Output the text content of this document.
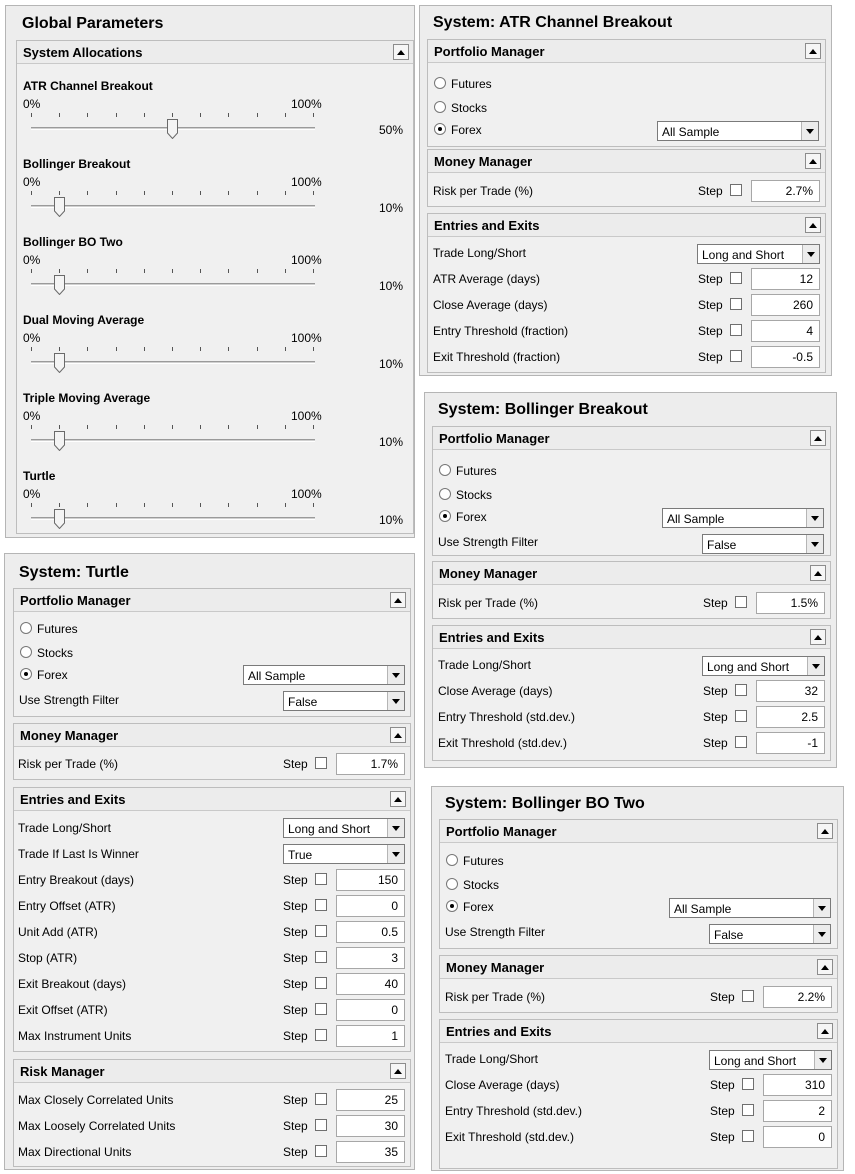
Global Parameters
System Allocations
ATR Channel Breakout
0%	100%
50%
Bollinger Breakout
0%	100%
10%
Bollinger BO Two
0%	100%
10%
Dual Moving Average
0%	100%
10%
Triple Moving Average
0%	100%
10%
Turtle
0%	100%
10%
System: ATR Channel Breakout
Portfolio Manager
Futures
Stocks
Forex	All Sample
Money Manager
Risk per Trade (%)	Step	2.7%
Entries and Exits
Trade Long/Short	Long and Short
ATR Average (days)	Step	12
Close Average (days)	Step	260
Entry Threshold (fraction)	Step	4
Exit Threshold (fraction)	Step	-0.5
System: Bollinger Breakout
Portfolio Manager
Futures
Stocks
Forex	All Sample
Use Strength Filter	False
Money Manager
Risk per Trade (%)	Step	1.5%
Entries and Exits
Trade Long/Short	Long and Short
Close Average (days)	Step	32
Entry Threshold (std.dev.)	Step	2.5
Exit Threshold (std.dev.)	Step	-1
System: Turtle
Portfolio Manager
Futures
Stocks
Forex	All Sample
Use Strength Filter	False
Money Manager
Risk per Trade (%)	Step	1.7%
Entries and Exits
Trade Long/Short	Long and Short
Trade If Last Is Winner	True
Entry Breakout (days)	Step	150
Entry Offset (ATR)	Step	0
Unit Add (ATR)	Step	0.5
Stop (ATR)	Step	3
Exit Breakout (days)	Step	40
Exit Offset (ATR)	Step	0
Max Instrument Units	Step	1
Risk Manager
Max Closely Correlated Units	Step	25
Max Loosely Correlated Units	Step	30
Max Directional Units	Step	35
System: Bollinger BO Two
Portfolio Manager
Futures
Stocks
Forex	All Sample
Use Strength Filter	False
Money Manager
Risk per Trade (%)	Step	2.2%
Entries and Exits
Trade Long/Short	Long and Short
Close Average (days)	Step	310
Entry Threshold (std.dev.)	Step	2
Exit Threshold (std.dev.)	Step	0
